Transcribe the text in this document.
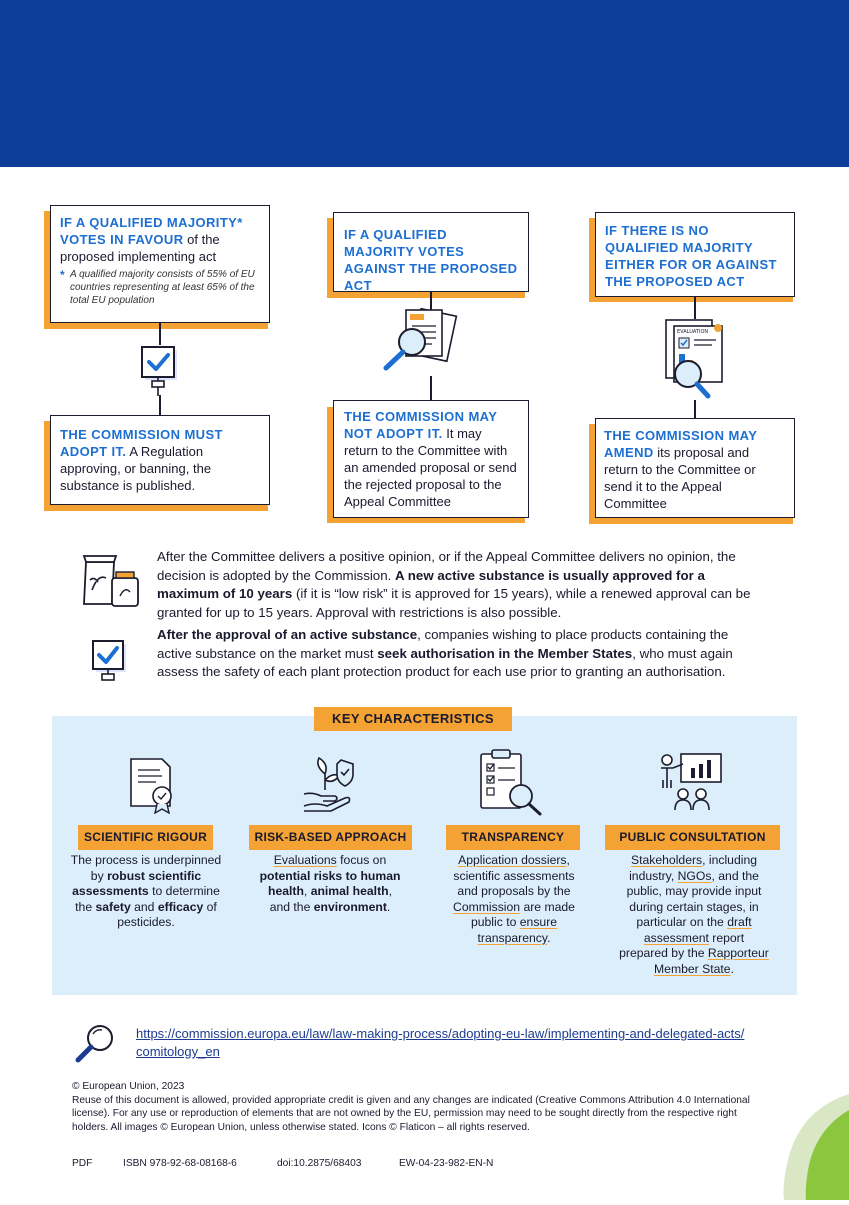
IF A QUALIFIED MAJORITY*
VOTES IN FAVOUR of the proposed implementing act
* A qualified majority consists of 55% of EU countries representing at least 65% of the total EU population
THE COMMISSION MUST ADOPT IT. A Regulation approving, or banning, the substance is published.
IF A QUALIFIED MAJORITY VOTES AGAINST THE PROPOSED ACT
THE COMMISSION MAY NOT ADOPT IT. It may return to the Committee with an amended proposal or send the rejected proposal to the Appeal Committee
IF THERE IS NO QUALIFIED MAJORITY EITHER FOR OR AGAINST THE PROPOSED ACT
EVALUATION
THE COMMISSION MAY AMEND its proposal and return to the Committee or send it to the Appeal Committee
After the Committee delivers a positive opinion, or if the Appeal Committee delivers no opinion, the decision is adopted by the Commission. A new active substance is usually approved for a maximum of 10 years (if it is “low risk” it is approved for 15 years), while a renewed approval can be granted for up to 15 years. Approval with restrictions is also possible.
After the approval of an active substance, companies wishing to place products containing the active substance on the market must seek authorisation in the Member States, who must again assess the safety of each plant protection product for each use prior to granting an authorisation.
KEY CHARACTERISTICS
SCIENTIFIC RIGOUR	RISK-BASED APPROACH	TRANSPARENCY	PUBLIC CONSULTATION
The process is underpinned by robust scientific assessments to determine the safety and efficacy of pesticides.
Evaluations focus on potential risks to human health, animal health, and the environment.
Application dossiers, scientific assessments and proposals by the Commission are made public to ensure transparency.
Stakeholders, including industry, NGOs, and the public, may provide input during certain stages, in particular on the draft assessment report prepared by the Rapporteur Member State.
https://commission.europa.eu/law/law-making-process/adopting-eu-law/implementing-and-delegated-acts/
comitology_en
© European Union, 2023
Reuse of this document is allowed, provided appropriate credit is given and any changes are indicated (Creative Commons Attribution 4.0 International license). For any use or reproduction of elements that are not owned by the EU, permission may need to be sought directly from the respective right holders. All images © European Union, unless otherwise stated. Icons © Flaticon – all rights reserved.
PDF	ISBN 978-92-68-08168-6	doi:10.2875/68403	EW-04-23-982-EN-N
